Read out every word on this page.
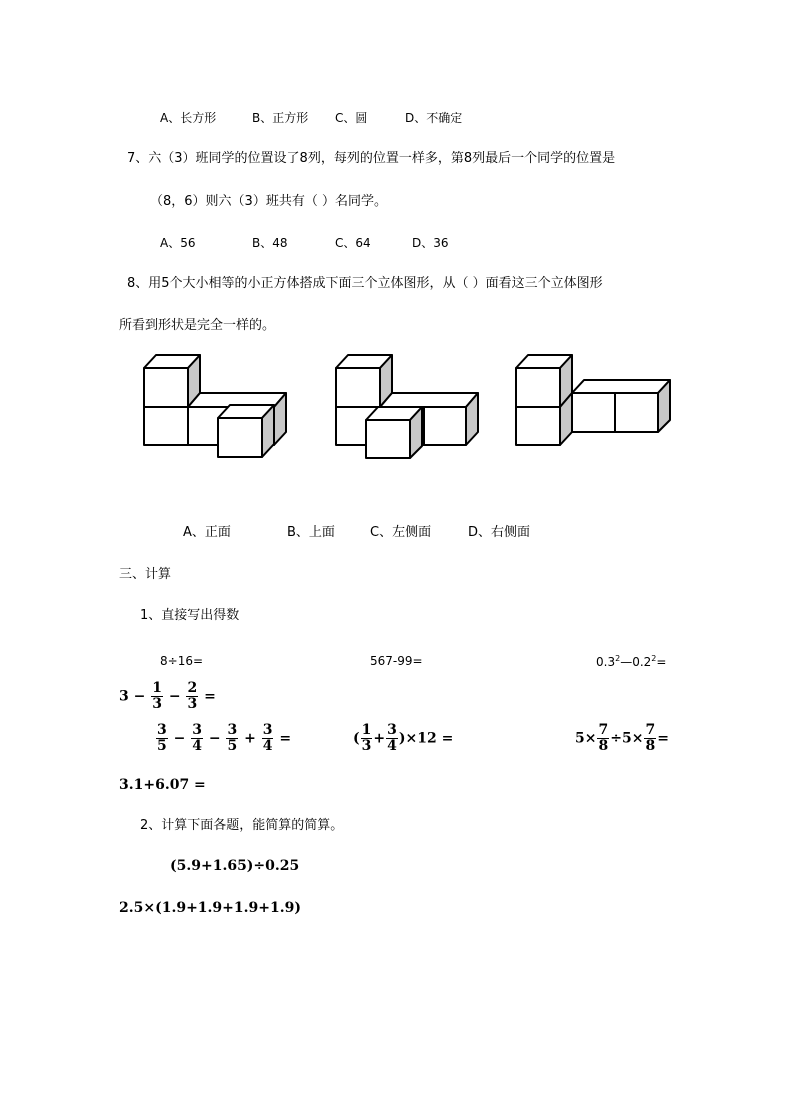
A、长方形	B、正方形 C、圆	D、不确定
7、六（3）班同学的位置设了8列，每列的位置一样多，第8列最后一个同学的位置是
（8，6）则六（3）班共有（ ）名同学。
A、56	B、48	C、64	D、36
8、用5个大小相等的小正方体搭成下面三个立体图形，从（ ）面看这三个立体图形
所看到形状是完全一样的。
A、正面	B、上面	C、左侧面	D、右侧面
三、计算
1、直接写出得数
8÷16=	567-99=	$0.3^2—0.2^2=$
$3 - \frac{1}{3} - \frac{2}{3}$ =
$\frac{3}{5} - \frac{3}{4} - \frac{3}{5} + \frac{3}{4}$ =	( $\frac{1}{3} + \frac{3}{4} )\times 12$ =	$5\times \frac{7}{8} \div 5\times \frac{7}{8}$ =
3.1+6.07 =
2、计算下面各题，能简算的简算。
(5.9+1.65)÷0.25
2.5×(1.9+1.9+1.9+1.9)
